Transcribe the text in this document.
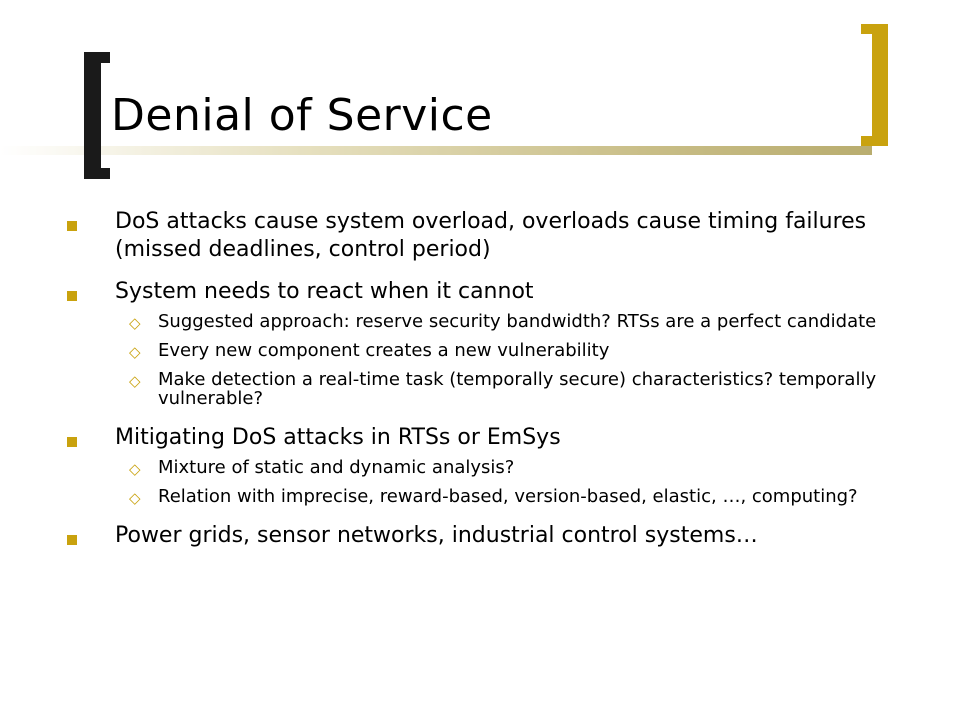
Denial of Service
DoS attacks cause system overload, overloads cause timing failures (missed deadlines, control period)
System needs to react when it cannot
◇ Suggested approach: reserve security bandwidth? RTSs are a perfect candidate
◇ Every new component creates a new vulnerability
◇ Make detection a real-time task (temporally secure) characteristics? temporally vulnerable?
Mitigating DoS attacks in RTSs or EmSys
◇ Mixture of static and dynamic analysis?
◇ Relation with imprecise, reward-based, version-based, elastic, …, computing?
Power grids, sensor networks, industrial control systems…
